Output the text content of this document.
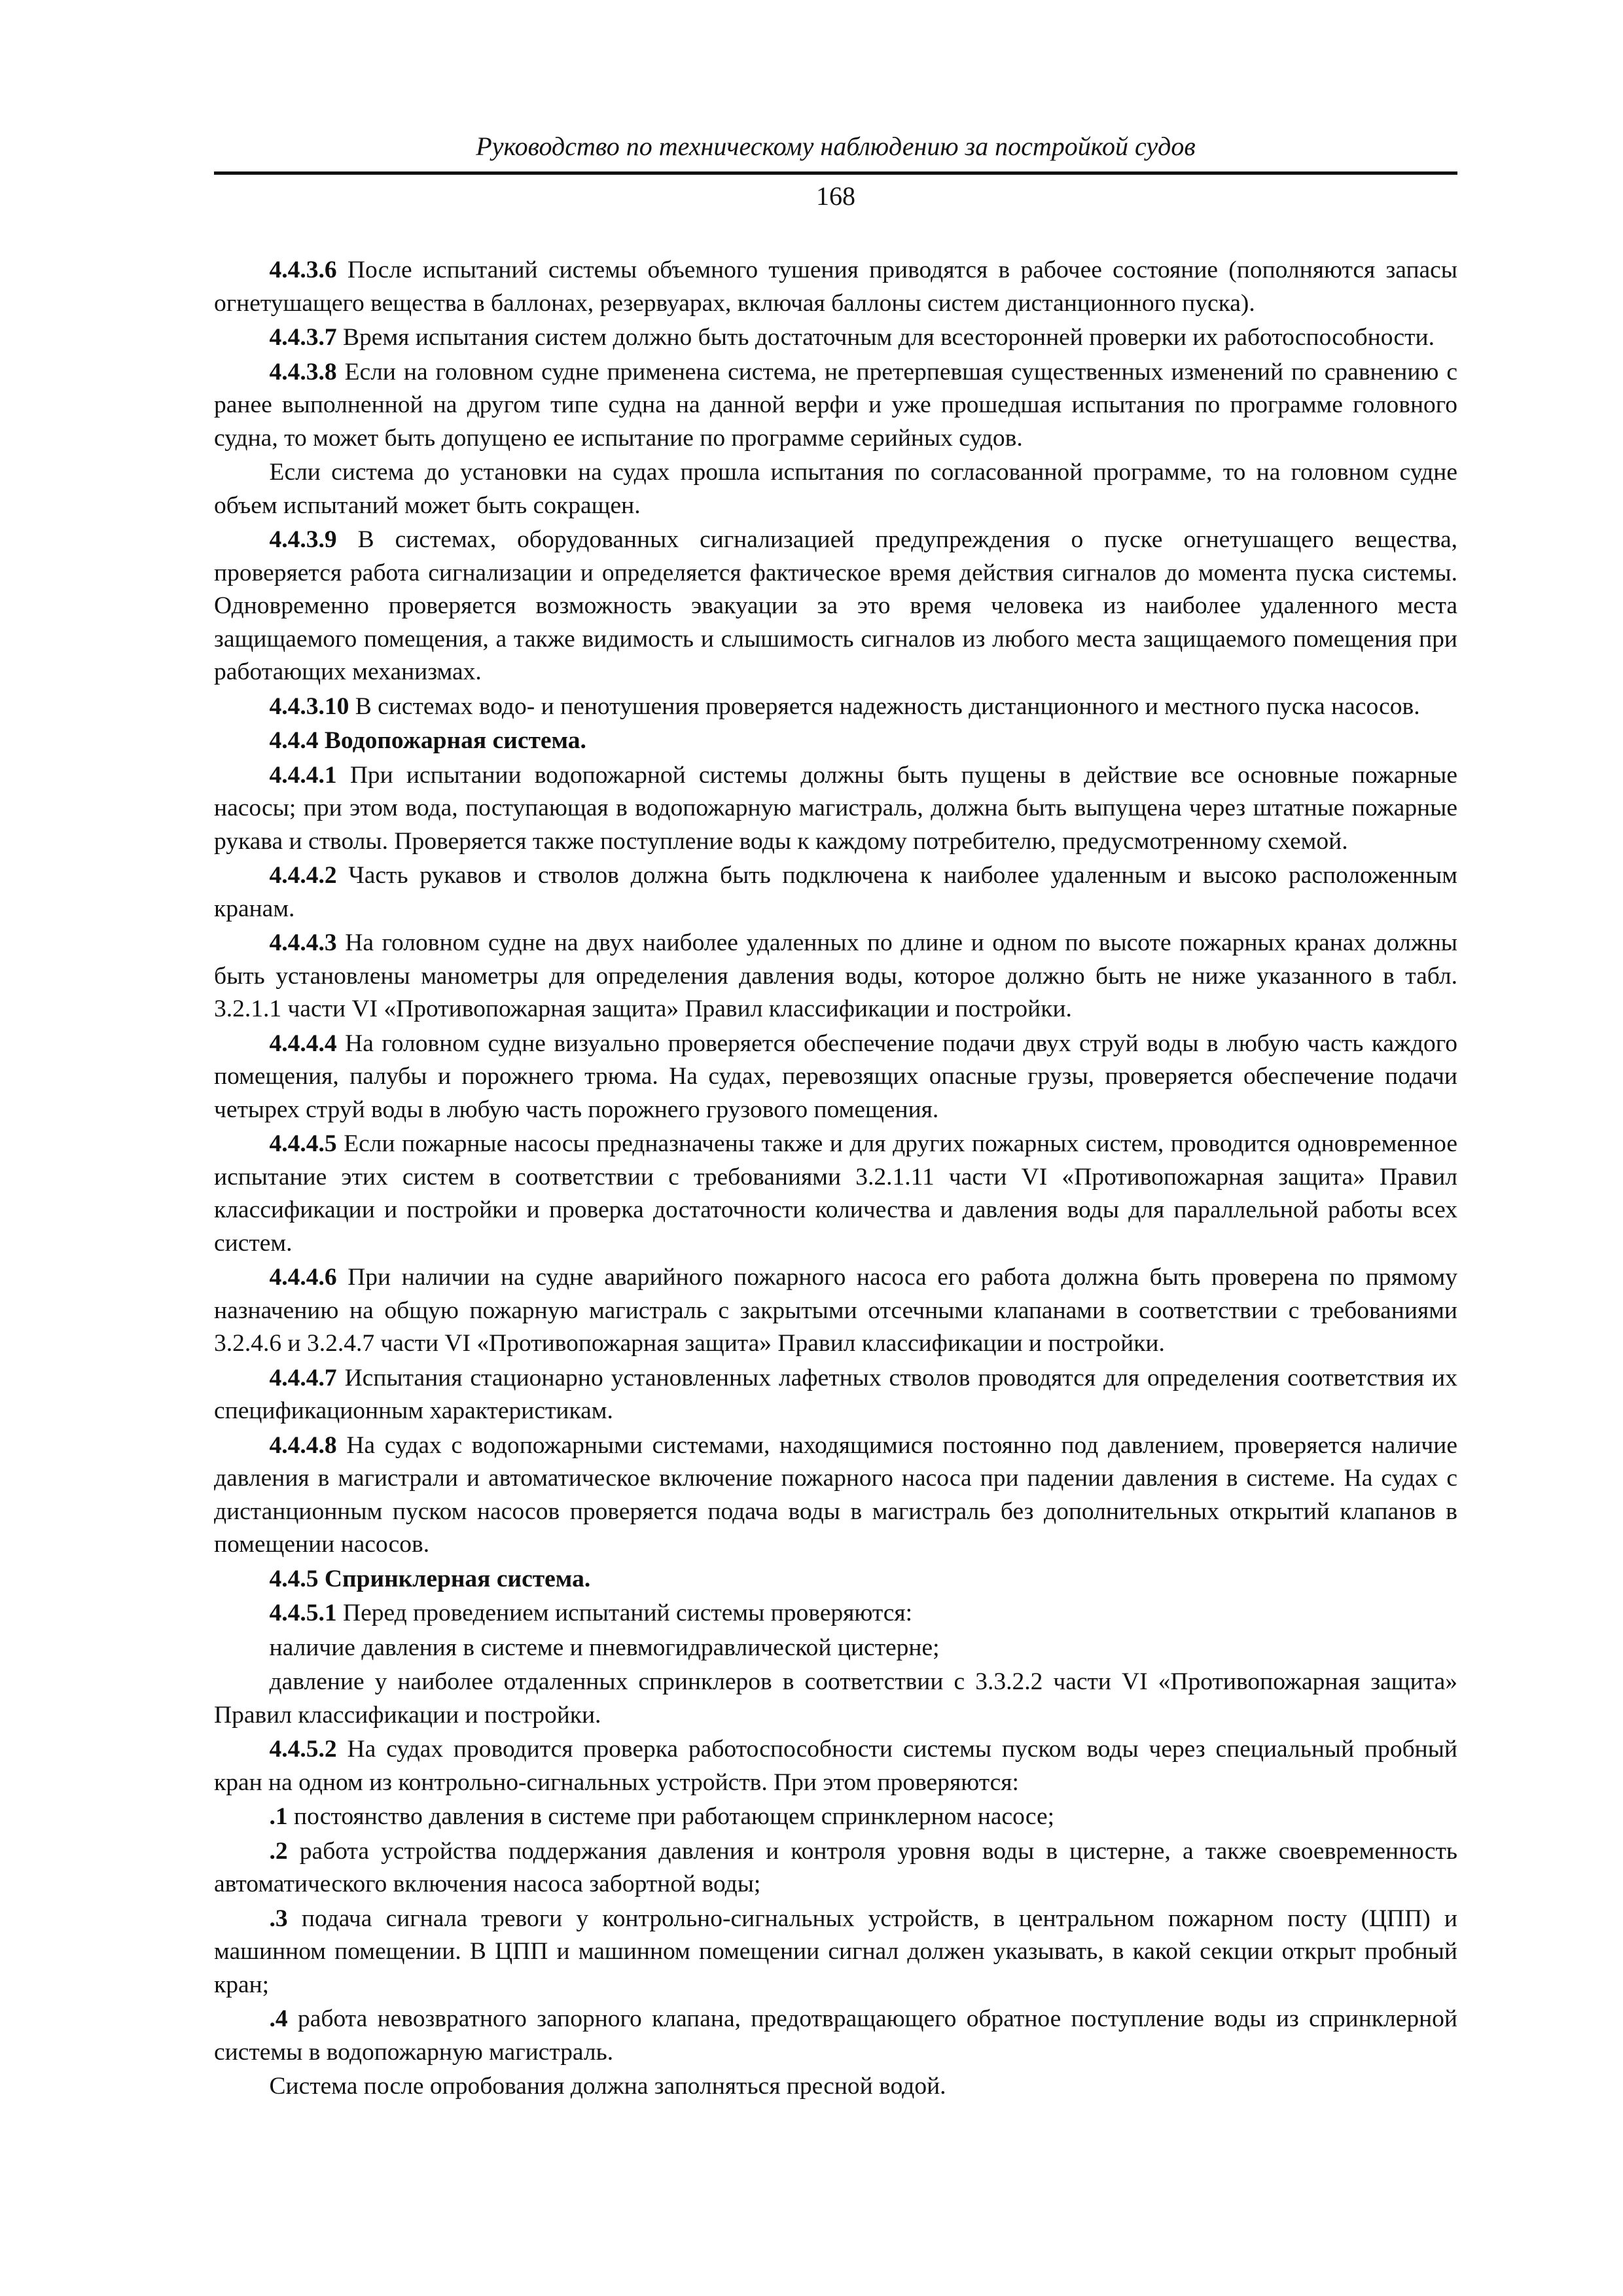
Руководство по техническому наблюдению за постройкой судов
168

4.4.3.6 После испытаний системы объемного тушения приводятся в рабочее состояние (пополняются запасы огнетушащего вещества в баллонах, резервуарах, включая баллоны систем дистанционного пуска).

4.4.3.7 Время испытания систем должно быть достаточным для всесторонней проверки их работоспособности.

4.4.3.8 Если на головном судне применена система, не претерпевшая существенных изменений по сравнению с ранее выполненной на другом типе судна на данной верфи и уже прошедшая испытания по программе головного судна, то может быть допущено ее испытание по программе серийных судов.

Если система до установки на судах прошла испытания по согласованной программе, то на головном судне объем испытаний может быть сокращен.

4.4.3.9 В системах, оборудованных сигнализацией предупреждения о пуске огнетушащего вещества, проверяется работа сигнализации и определяется фактическое время действия сигналов до момента пуска системы. Одновременно проверяется возможность эвакуации за это время человека из наиболее удаленного места защищаемого помещения, а также видимость и слышимость сигналов из любого места защищаемого помещения при работающих механизмах.

4.4.3.10 В системах водо- и пенотушения проверяется надежность дистанционного и местного пуска насосов.

4.4.4 Водопожарная система.

4.4.4.1 При испытании водопожарной системы должны быть пущены в действие все основные пожарные насосы; при этом вода, поступающая в водопожарную магистраль, должна быть выпущена через штатные пожарные рукава и стволы. Проверяется также поступление воды к каждому потребителю, предусмотренному схемой.

4.4.4.2 Часть рукавов и стволов должна быть подключена к наиболее удаленным и высоко расположенным кранам.

4.4.4.3 На головном судне на двух наиболее удаленных по длине и одном по высоте пожарных кранах должны быть установлены манометры для определения давления воды, которое должно быть не ниже указанного в табл. 3.2.1.1 части VI «Противопожарная защита» Правил классификации и постройки.

4.4.4.4 На головном судне визуально проверяется обеспечение подачи двух струй воды в любую часть каждого помещения, палубы и порожнего трюма. На судах, перевозящих опасные грузы, проверяется обеспечение подачи четырех струй воды в любую часть порожнего грузового помещения.

4.4.4.5 Если пожарные насосы предназначены также и для других пожарных систем, проводится одновременное испытание этих систем в соответствии с требованиями 3.2.1.11 части VI «Противопожарная защита» Правил классификации и постройки и проверка достаточности количества и давления воды для параллельной работы всех систем.

4.4.4.6 При наличии на судне аварийного пожарного насоса его работа должна быть проверена по прямому назначению на общую пожарную магистраль с закрытыми отсечными клапанами в соответствии с требованиями 3.2.4.6 и 3.2.4.7 части VI «Противопожарная защита» Правил классификации и постройки.

4.4.4.7 Испытания стационарно установленных лафетных стволов проводятся для определения соответствия их спецификационным характеристикам.

4.4.4.8 На судах с водопожарными системами, находящимися постоянно под давлением, проверяется наличие давления в магистрали и автоматическое включение пожарного насоса при падении давления в системе. На судах с дистанционным пуском насосов проверяется подача воды в магистраль без дополнительных открытий клапанов в помещении насосов.

4.4.5 Спринклерная система.

4.4.5.1 Перед проведением испытаний системы проверяются:

наличие давления в системе и пневмогидравлической цистерне;

давление у наиболее отдаленных спринклеров в соответствии с 3.3.2.2 части VI «Противопожарная защита» Правил классификации и постройки.

4.4.5.2 На судах проводится проверка работоспособности системы пуском воды через специальный пробный кран на одном из контрольно-сигнальных устройств. При этом проверяются:

.1 постоянство давления в системе при работающем спринклерном насосе;

.2 работа устройства поддержания давления и контроля уровня воды в цистерне, а также своевременность автоматического включения насоса забортной воды;

.3 подача сигнала тревоги у контрольно-сигнальных устройств, в центральном пожарном посту (ЦПП) и машинном помещении. В ЦПП и машинном помещении сигнал должен указывать, в какой секции открыт пробный кран;

.4 работа невозвратного запорного клапана, предотвращающего обратное поступление воды из спринклерной системы в водопожарную магистраль.

Система после опробования должна заполняться пресной водой.
